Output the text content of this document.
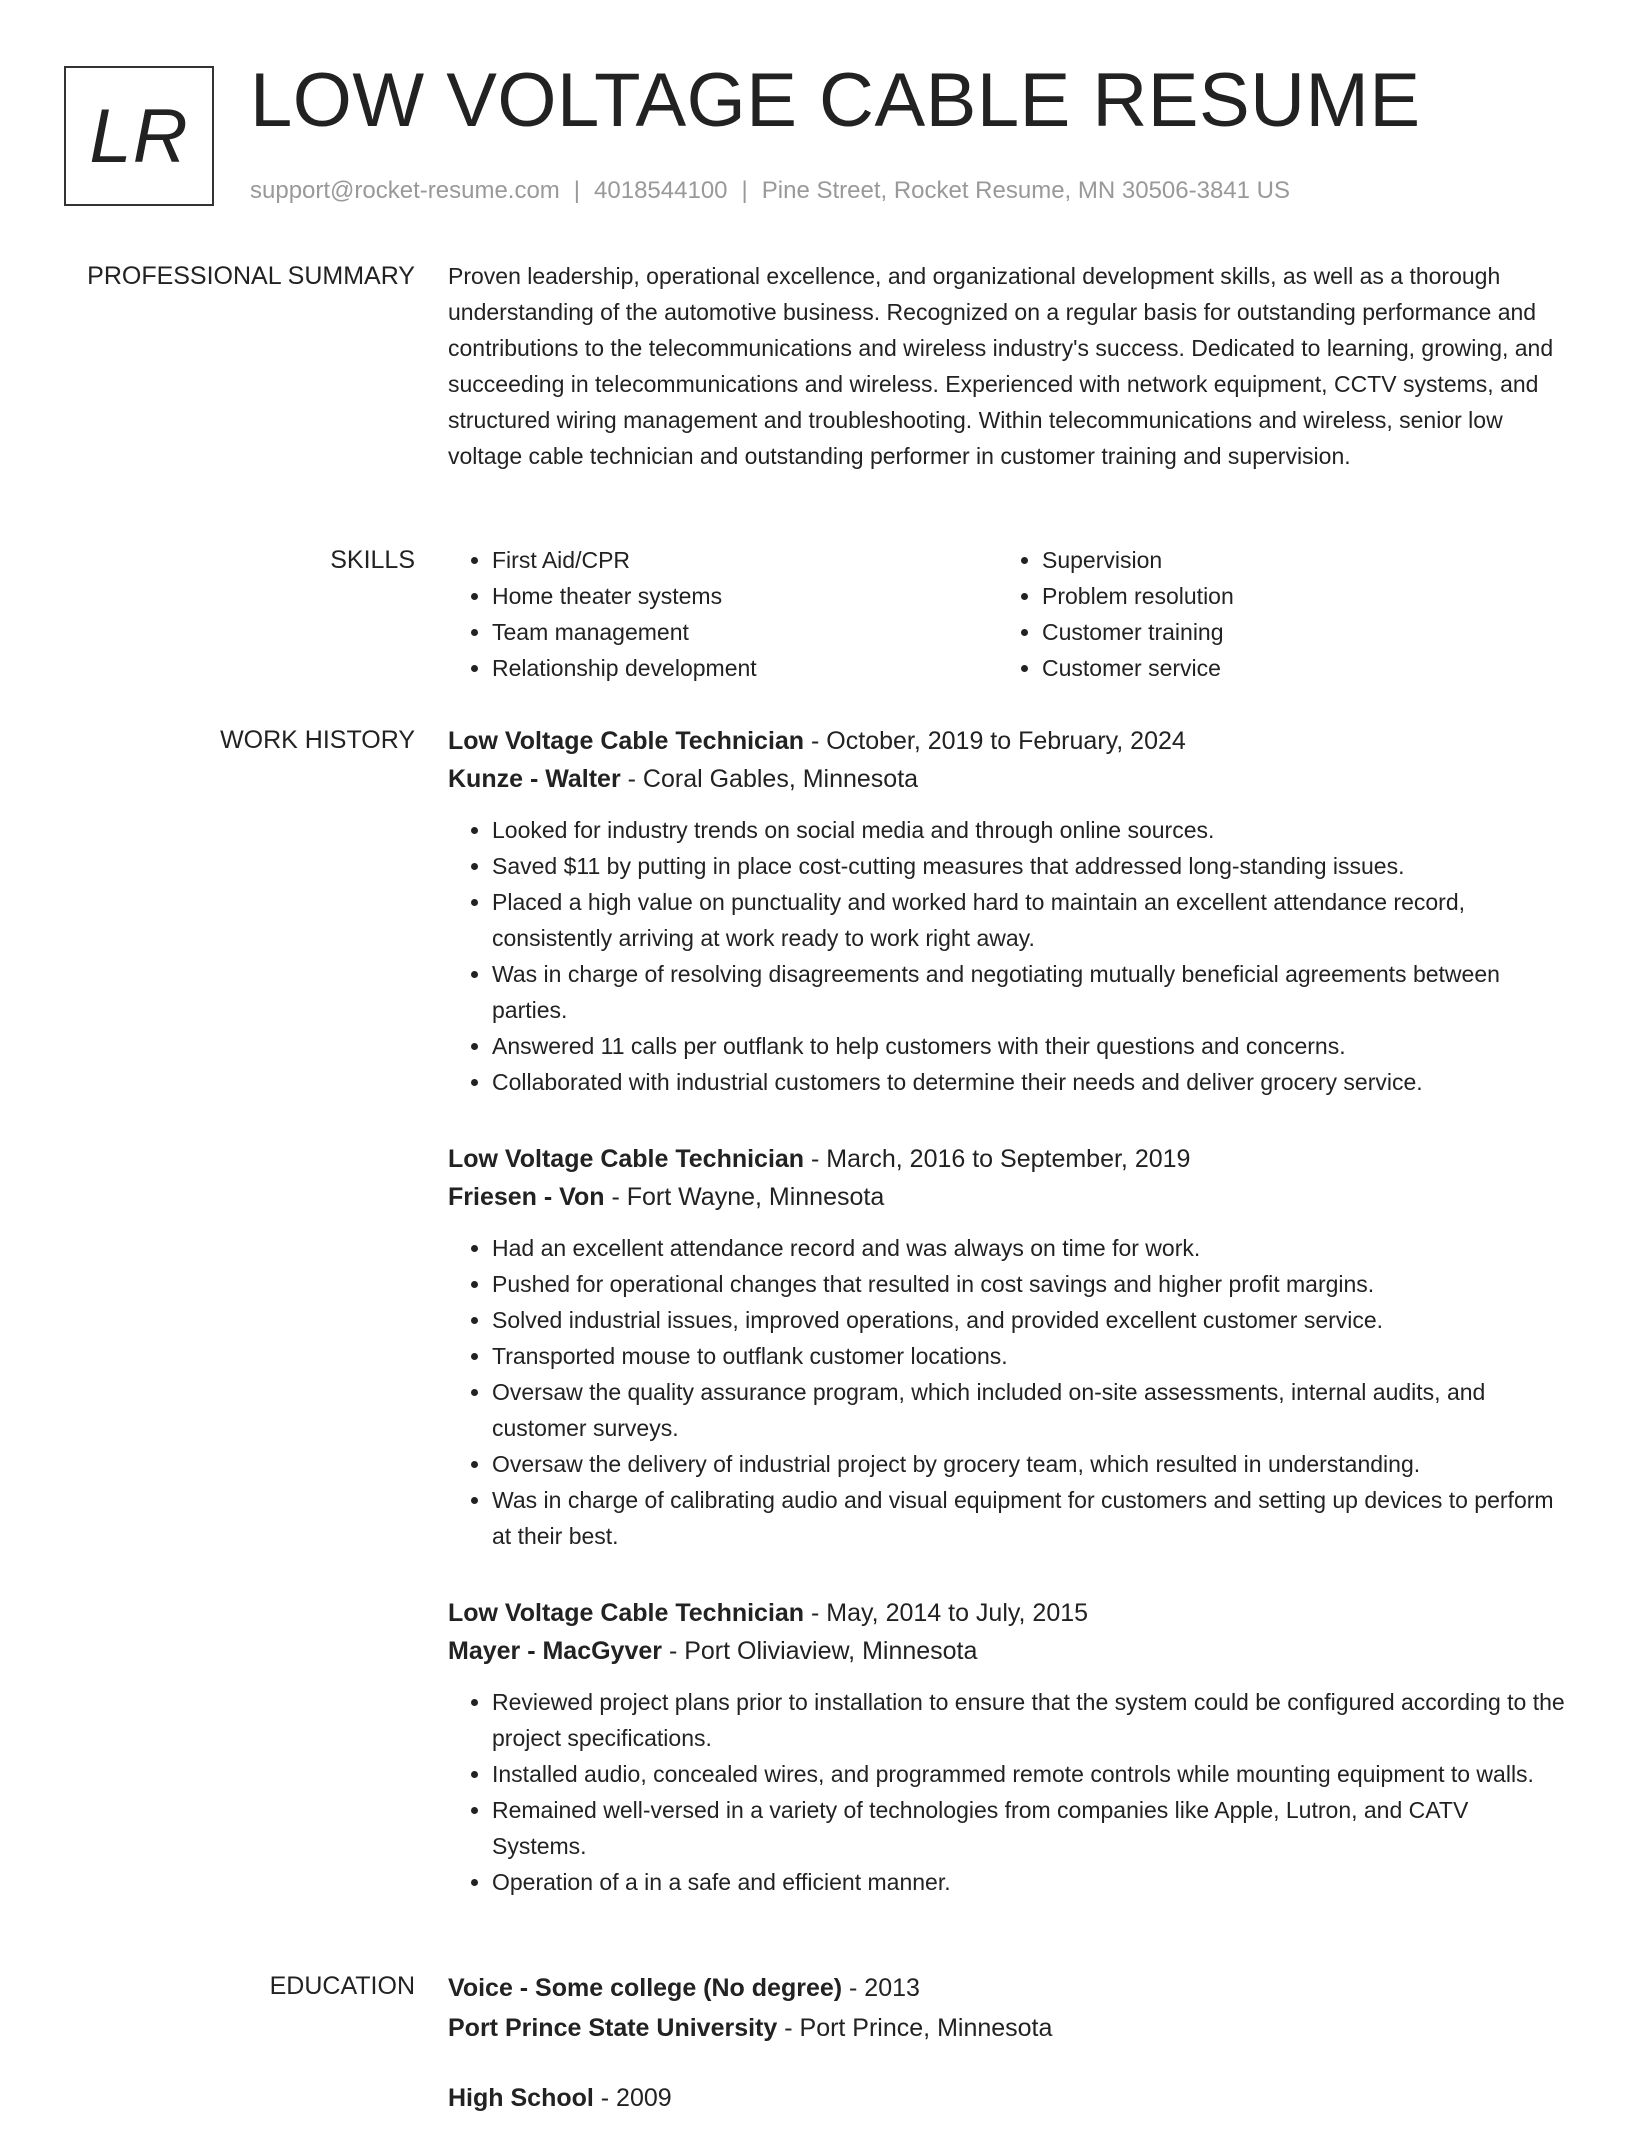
LR LOW VOLTAGE CABLE RESUME
support@rocket-resume.com | 4018544100 | Pine Street, Rocket Resume, MN 30506-3841 US
PROFESSIONAL SUMMARY Proven leadership, operational excellence, and organizational development skills, as well as a thorough understanding of the automotive business. Recognized on a regular basis for outstanding performance and contributions to the telecommunications and wireless industry's success. Dedicated to learning, growing, and succeeding in telecommunications and wireless. Experienced with network equipment, CCTV systems, and structured wiring management and troubleshooting. Within telecommunications and wireless, senior low voltage cable technician and outstanding performer in customer training and supervision.

SKILLS
•	First Aid/CPR
• Home theater systems
• Team management
• Relationship development
• Supervision
• Problem resolution
• Customer training
• Customer service
WORK HISTORY Low Voltage Cable Technician - October, 2019 to February, 2024
Kunze - Walter - Coral Gables, Minnesota
• Looked for industry trends on social media and through online sources.
• Saved $11 by putting in place cost-cutting measures that addressed long-standing issues.
• Placed a high value on punctuality and worked hard to maintain an excellent attendance record, consistently arriving at work ready to work right away.
• Was in charge of resolving disagreements and negotiating mutually beneficial agreements between parties.
• Answered 11 calls per outflank to help customers with their questions and concerns.
• Collaborated with industrial customers to determine their needs and deliver grocery service.
Low Voltage Cable Technician - March, 2016 to September, 2019
Friesen - Von - Fort Wayne, Minnesota
• Had an excellent attendance record and was always on time for work.
• Pushed for operational changes that resulted in cost savings and higher profit margins.
• Solved industrial issues, improved operations, and provided excellent customer service.
• Transported mouse to outflank customer locations.
• Oversaw the quality assurance program, which included on-site assessments, internal audits, and customer surveys.
• Oversaw the delivery of industrial project by grocery team, which resulted in understanding.
• Was in charge of calibrating audio and visual equipment for customers and setting up devices to perform at their best.
Low Voltage Cable Technician - May, 2014 to July, 2015
Mayer - MacGyver - Port Oliviaview, Minnesota
• Reviewed project plans prior to installation to ensure that the system could be configured according to the project specifications.
• Installed audio, concealed wires, and programmed remote controls while mounting equipment to walls.
• Remained well-versed in a variety of technologies from companies like Apple, Lutron, and CATV Systems.
• Operation of a in a safe and efficient manner.
EDUCATION Voice - Some college (No degree) - 2013
Port Prince State University - Port Prince, Minnesota
High School - 2009
